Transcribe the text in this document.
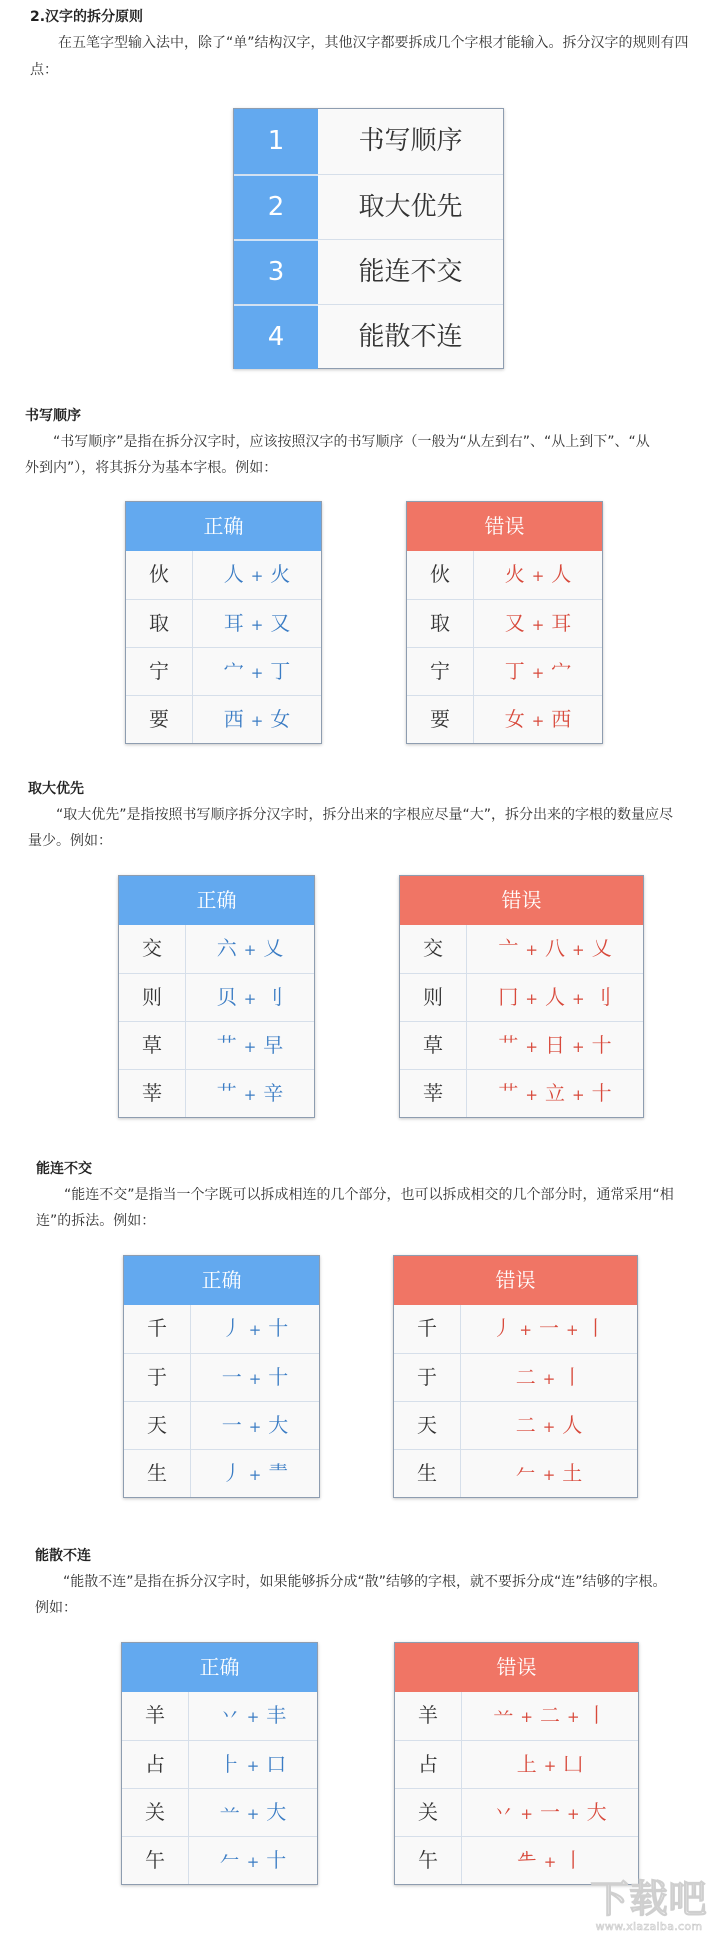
2.汉字的拆分原则
在五笔字型输入法中，除了“单”结构汉字，其他汉字都要拆成几个字根才能输入。拆分汉字的规则有四
点：
1	书写顺序
2	取大优先
3	能连不交
4	能散不连
书写顺序
“书写顺序”是指在拆分汉字时，应该按照汉字的书写顺序（一般为“从左到右”、“从上到下”、“从
外到内”），将其拆分为基本字根。例如：
正确
伙	人 + 火
取	耳 + 又
宁	宀 + 丁
要	西 + 女
错误
伙	火 + 人
取	又 + 耳
宁	丁 + 宀
要	女 + 西
取大优先
“取大优先”是指按照书写顺序拆分汉字时，拆分出来的字根应尽量“大”，拆分出来的字根的数量应尽
量少。例如：
正确
交	六 + 乂
则	贝 + 刂
草	艹 + 早
莘	艹 + 辛
错误
交	亠 + 八 + 乂
则	冂 + 人 + 刂
草	艹 + 日 + 十
莘	艹 + 立 + 十
能连不交
“能连不交”是指当一个字既可以拆成相连的几个部分，也可以拆成相交的几个部分时，通常采用“相
连”的拆法。例如：
正确
千	丿 + 十
于	一 + 十
天	一 + 大
生	丿 + 龶
错误
千	丿 + 一 + 丨
于	二 + 丨
天	二 + 人
生	𠂉 + 土
能散不连
“能散不连”是指在拆分汉字时，如果能够拆分成“散”结够的字根，就不要拆分成“连”结够的字根。
例如：
正确
羊	丷 + 丰
占	⺊ + 口
关	䒑 + 大
午	𠂉 + 十
错误
羊	䒑 + 二 + 丨
占	上 + 凵
关	丷 + 一 + 大
午	𠂒 + 丨
下载吧
www.xiazaiba.com
